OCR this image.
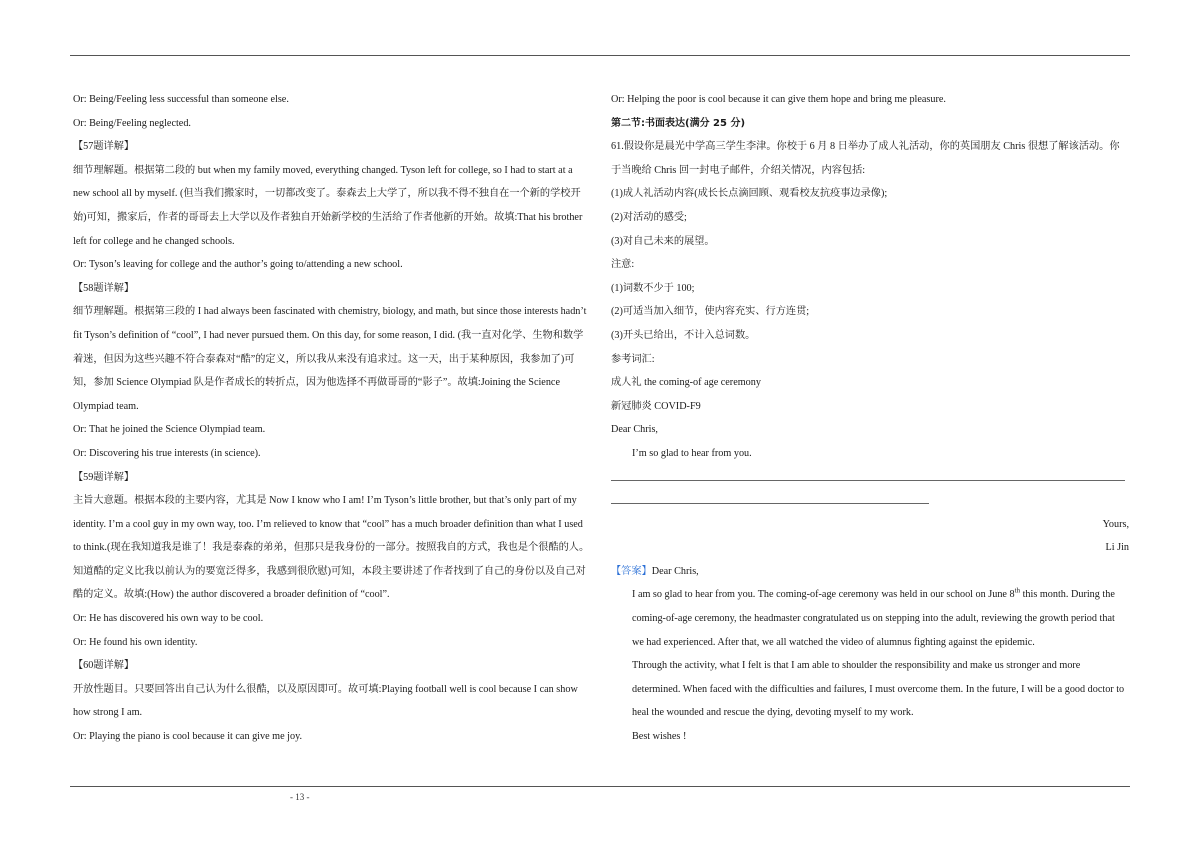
Or: Being/Feeling less successful than someone else.

Or: Being/Feeling neglected.

【57题详解】

细节理解题。根据第二段的 but when my family moved, everything changed. Tyson left for college, so I had to start at a new school all by myself. (但当我们搬家时，一切都改变了。泰森去上大学了，所以我不得不独自在一个新的学校开始)可知，搬家后，作者的哥哥去上大学以及作者独自开始新学校的生活给了作者他新的开始。故填:That his brother left for college and he changed schools.

Or: Tyson’s leaving for college and the author’s going to/attending a new school.

【58题详解】

细节理解题。根据第三段的 I had always been fascinated with chemistry, biology, and math, but since those interests hadn’t fit Tyson’s definition of “cool”, I had never pursued them. On this day, for some reason, I did. (我一直对化学、生物和数学着迷，但因为这些兴趣不符合泰森对“酷”的定义，所以我从来没有追求过。这一天，出于某种原因，我参加了)可知，参加 Science Olympiad 队是作者成长的转折点，因为他选择不再做哥哥的“影子”。故填:Joining the Science Olympiad team.

Or: That he joined the Science Olympiad team.

Or: Discovering his true interests (in science).

【59题详解】

主旨大意题。根据本段的主要内容，尤其是 Now I know who I am! I’m Tyson’s little brother, but that’s only part of my identity. I’m a cool guy in my own way, too. I’m relieved to know that “cool” has a much broader definition than what I used to think.(现在我知道我是谁了！我是泰森的弟弟，但那只是我身份的一部分。按照我自的方式，我也是个很酷的人。知道酷的定义比我以前认为的要宽泛得多，我感到很欣慰)可知，本段主要讲述了作者找到了自己的身份以及自己对酷的定义。故填:(How) the author discovered a broader definition of “cool”.

Or: He has discovered his own way to be cool.

Or: He found his own identity.

【60题详解】

开放性题目。只要回答出自己认为什么很酷，以及原因即可。故可填:Playing football well is cool because I can show how strong I am.

Or: Playing the piano is cool because it can give me joy.

Or: Helping the poor is cool because it can give them hope and bring me pleasure.

第二节:书面表达(满分 25 分)

61.假设你是晨光中学高三学生李津。你校于 6 月 8 日举办了成人礼活动，你的英国朋友 Chris 很想了解该活动。你于当晚给 Chris 回一封电子邮件，介绍关情况，内容包括:

(1)成人礼活动内容(成长长点滴回顾、观看校友抗疫事边录像);

(2)对活动的感受;

(3)对自己未来的展望。

注意:

(1)词数不少于 100;

(2)可适当加入细节，使内容充实、行方连贯;

(3)开头已给出，不计入总词数。

参考词汇:

成人礼 the coming-of age ceremony

新冠肺炎 COVID-F9

Dear Chris,

I’m so glad to hear from you.

Yours,

Li Jin

【答案】Dear Chris,

I am so glad to hear from you. The coming-of-age ceremony was held in our school on June 8th this month. During the coming-of-age ceremony, the headmaster congratulated us on stepping into the adult, reviewing the growth period that we had experienced. After that, we all watched the video of alumnus fighting against the epidemic.

Through the activity, what I felt is that I am able to shoulder the responsibility and make us stronger and more determined. When faced with the difficulties and failures, I must overcome them. In the future, I will be a good doctor to heal the wounded and rescue the dying, devoting myself to my work.

Best wishes !

- 13 -
